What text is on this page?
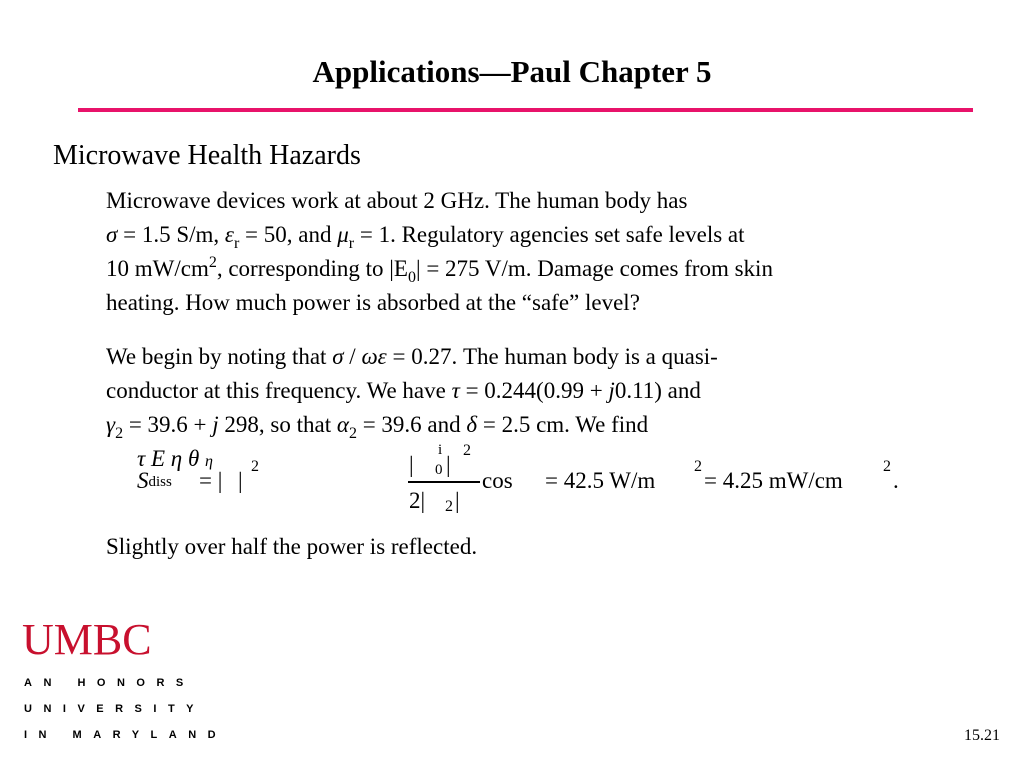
Applications—Paul Chapter 5
Microwave Health Hazards
Microwave devices work at about 2 GHz. The human body has
σ = 1.5 S/m, $\varepsilon_r = 50$, and $\mu_r = 1$. Regulatory agencies set safe levels at
10 $mW/cm^2$, corresponding to $|E_0| = 275$ V/m. Damage comes from skin
heating. How much power is absorbed at the “safe” level?
We begin by noting that σ / ωε = 0.27. The human body is a quasi-
conductor at this frequency. We have τ = 0.244(0.99 + j0.11) and
$\gamma_2 = 39.6 + j$ 298, so that $\alpha_2 = 39.6$ and δ = 2.5 cm. We find
S diss = |
τ
|
2	|
E	i
0 |
2
2|
η
2 |
cos
θ η
= 42.5 W/m
2
= 4.25 mW/cm
2
.
Slightly over half the power is reflected.
UMBC
AN HONORS
UNIVERSITY
IN MARYLAND	15.21
